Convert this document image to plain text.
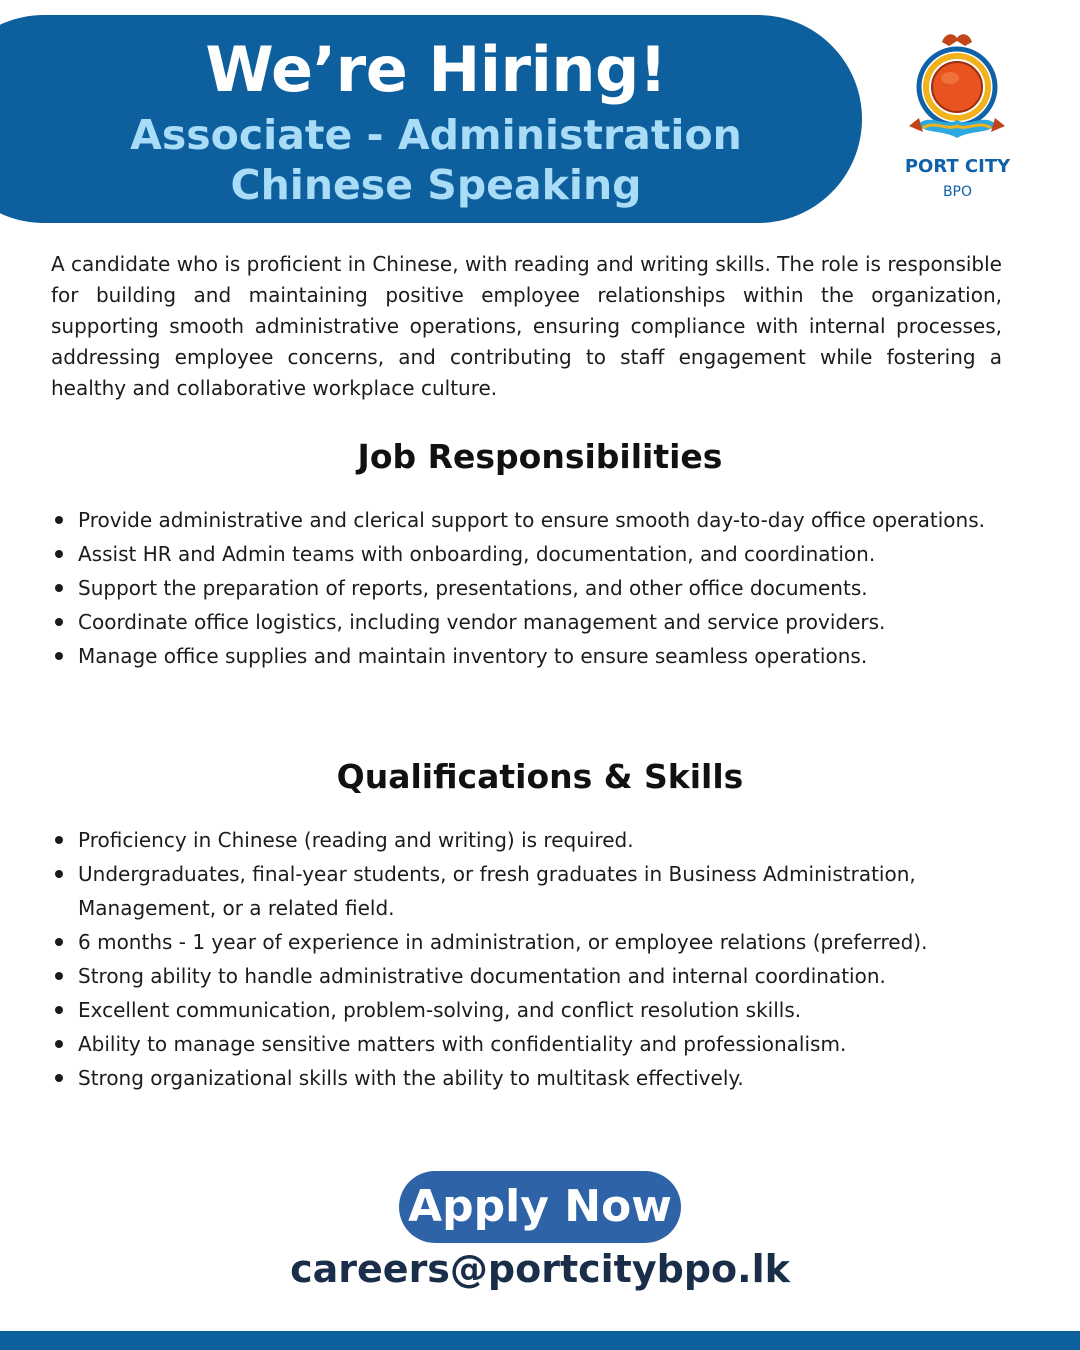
We’re Hiring!
Associate - Administration
Chinese Speaking	PORT CITY

BPO

A candidate who is proficient in Chinese, with reading and writing skills. The role is responsible for building and maintaining positive employee relationships within the organization, supporting smooth administrative operations, ensuring compliance with internal processes, addressing employee concerns, and contributing to staff engagement while fostering a healthy and collaborative workplace culture.

Job Responsibilities
Provide administrative and clerical support to ensure smooth day-to-day office operations.
Assist HR and Admin teams with onboarding, documentation, and coordination.
Support the preparation of reports, presentations, and other office documents.
Coordinate office logistics, including vendor management and service providers.
Manage office supplies and maintain inventory to ensure seamless operations.
Qualifications & Skills
Proficiency in Chinese (reading and writing) is required.
Undergraduates, final-year students, or fresh graduates in Business Administration, Management, or a related field.
6 months - 1 year of experience in administration, or employee relations (preferred).
Strong ability to handle administrative documentation and internal coordination.
Excellent communication, problem-solving, and conflict resolution skills.
Ability to manage sensitive matters with confidentiality and professionalism.
Strong organizational skills with the ability to multitask effectively.
Apply Now

careers@portcitybpo.lk
